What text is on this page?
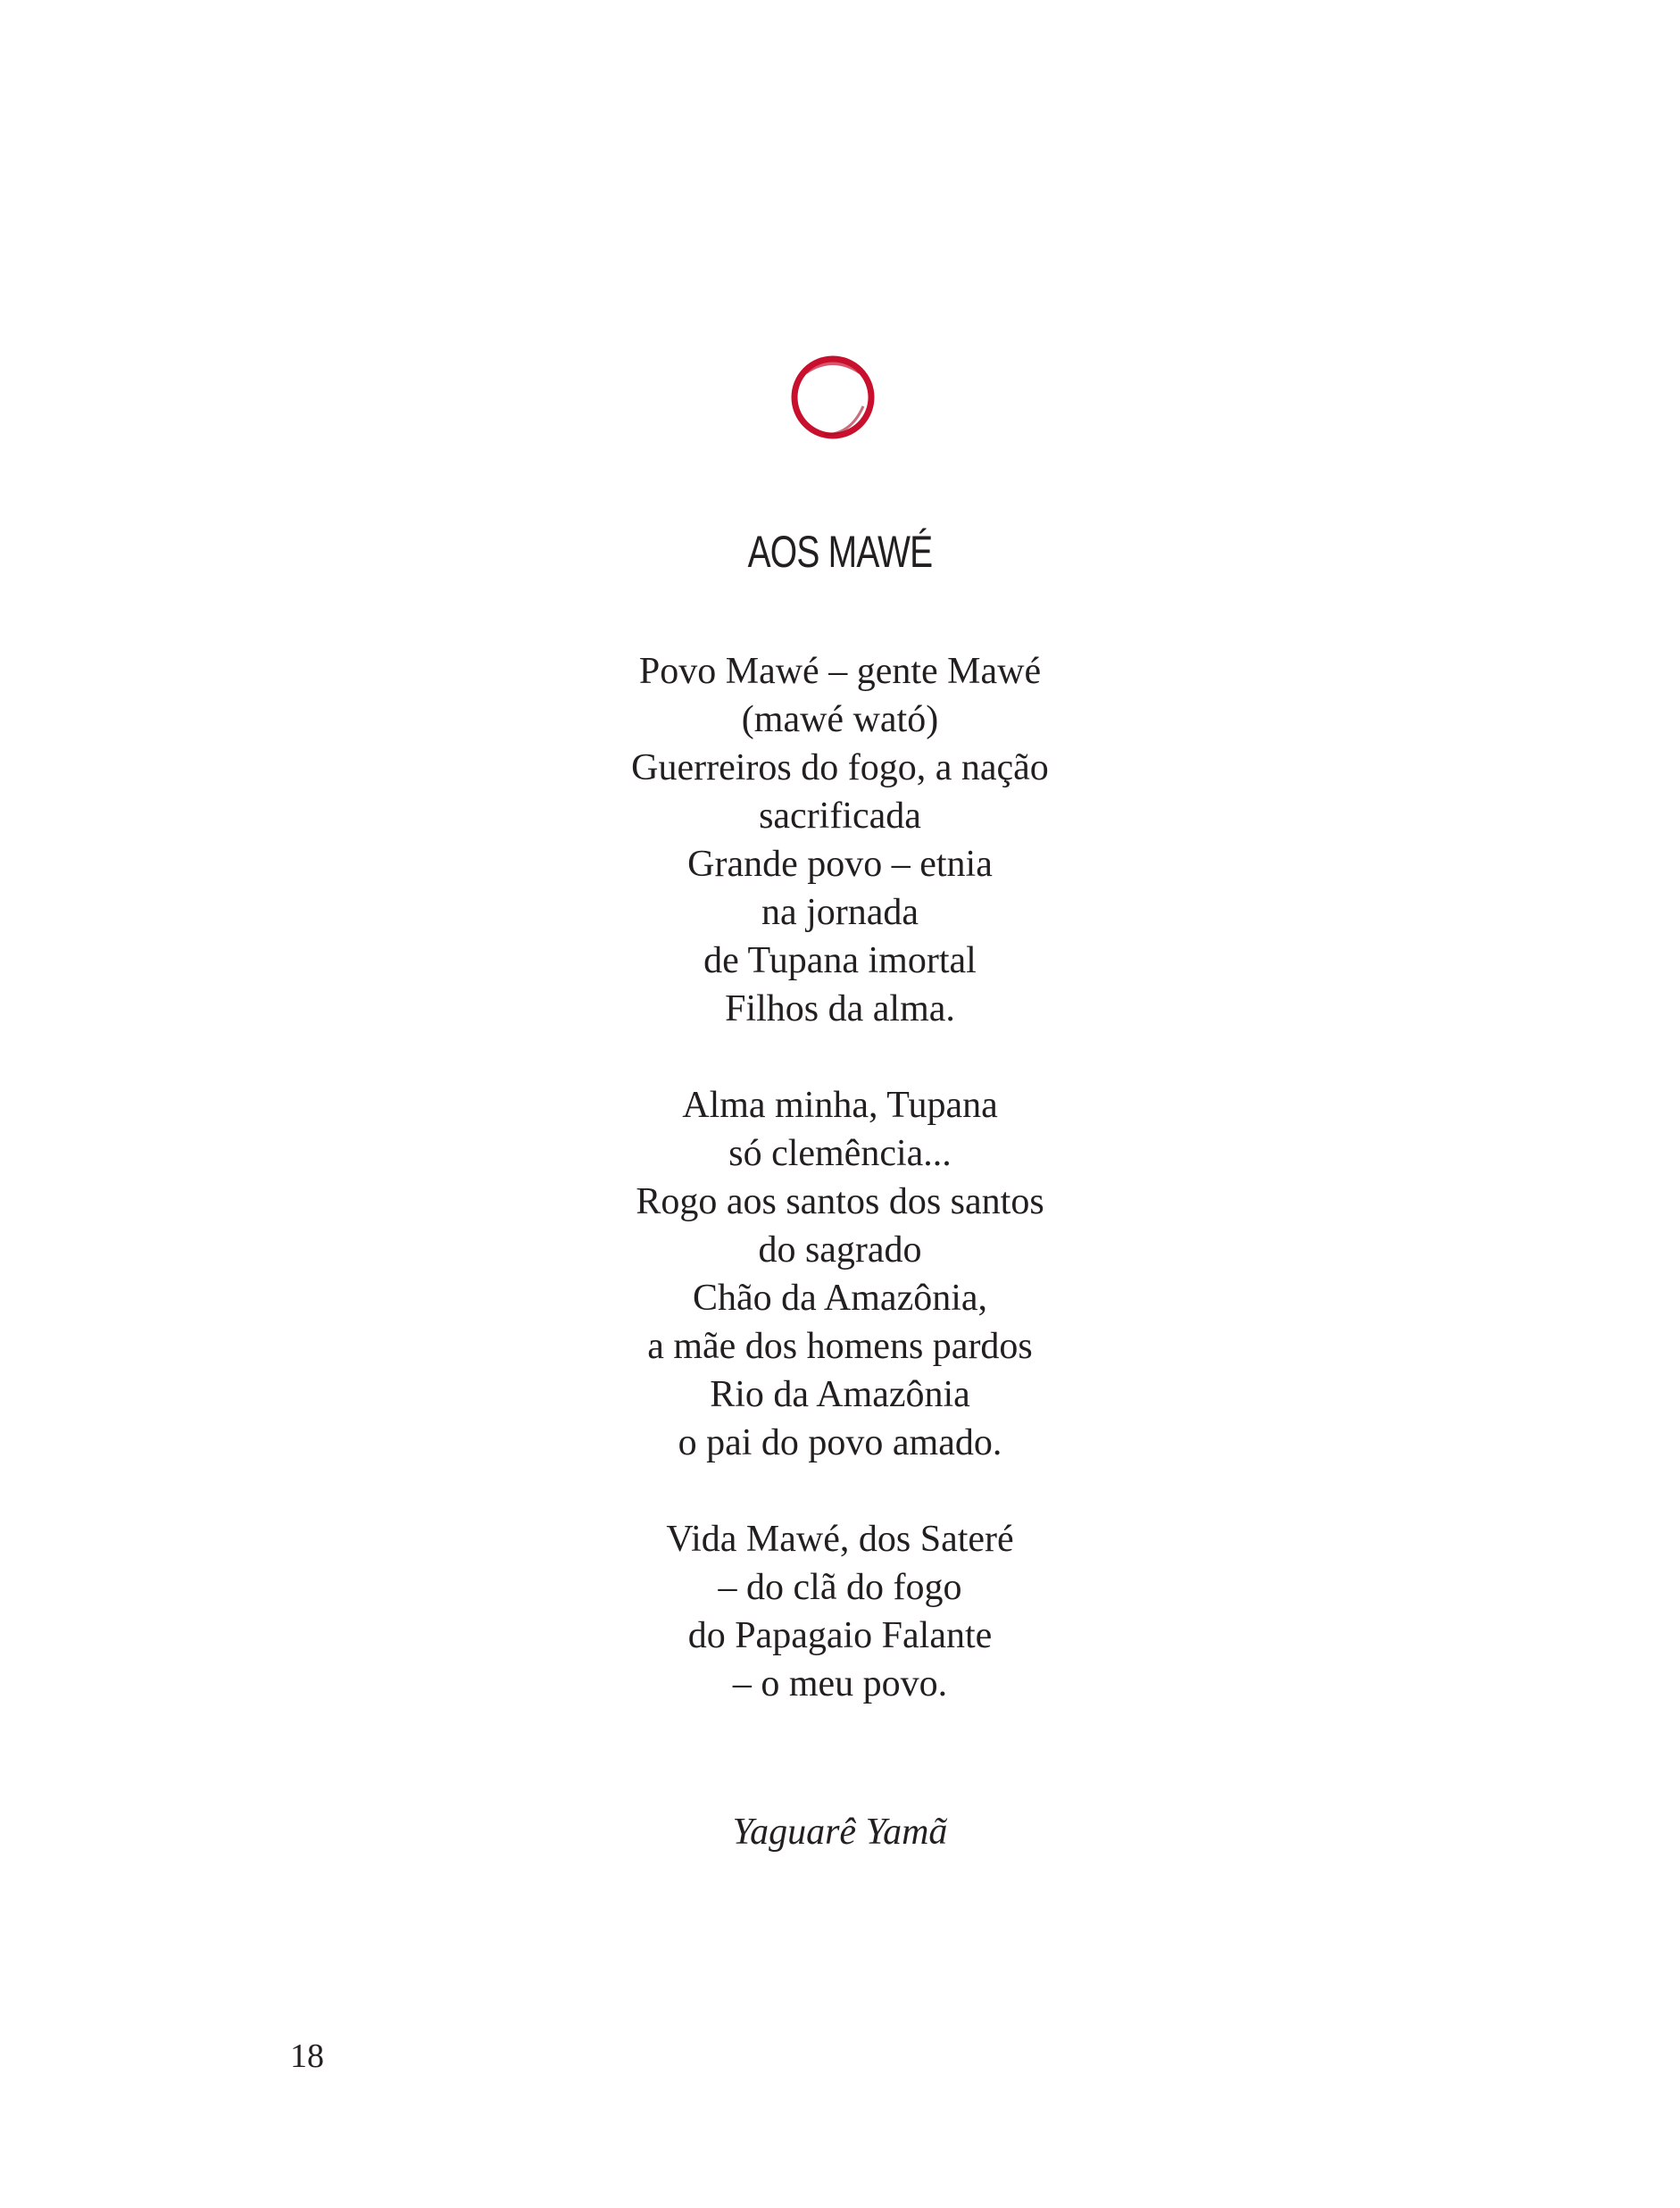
AOS MAWÉ
Povo Mawé – gente Mawé
(mawé wató)
Guerreiros do fogo, a nação
sacrificada
Grande povo – etnia
na jornada
de Tupana imortal
Filhos da alma.
Alma minha, Tupana
só clemência...
Rogo aos santos dos santos
do sagrado
Chão da Amazônia,
a mãe dos homens pardos
Rio da Amazônia
o pai do povo amado.
Vida Mawé, dos Sateré
– do clã do fogo
do Papagaio Falante
– o meu povo.
Yaguarê Yamã
18
